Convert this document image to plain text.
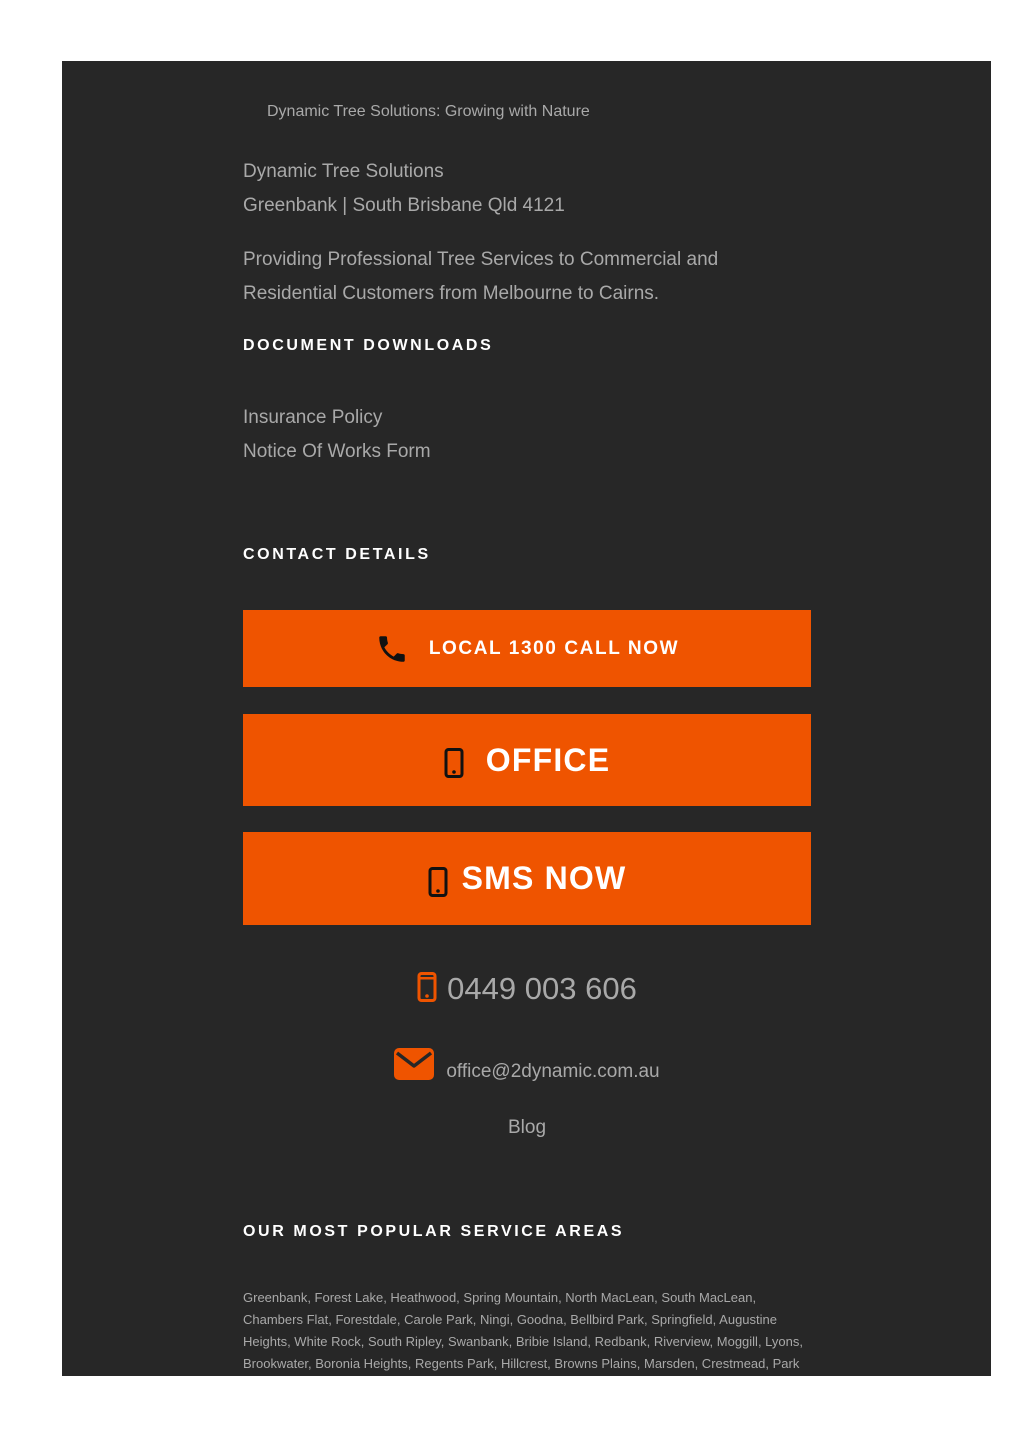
Dynamic Tree Solutions: Growing with Nature
Dynamic Tree Solutions
Greenbank | South Brisbane Qld 4121
Providing Professional Tree Services to Commercial and Residential Customers from Melbourne to Cairns.
DOCUMENT DOWNLOADS
Insurance Policy
Notice Of Works Form
CONTACT DETAILS
LOCAL 1300 CALL NOW
OFFICE
SMS NOW
0449 003 606
office@2dynamic.com.au
Blog
OUR MOST POPULAR SERVICE AREAS
Greenbank, Forest Lake, Heathwood, Spring Mountain, North MacLean, South MacLean, Chambers Flat, Forestdale, Carole Park, Ningi, Goodna, Bellbird Park, Springfield, Augustine Heights, White Rock, South Ripley, Swanbank, Bribie Island, Redbank, Riverview, Moggill, Lyons, Brookwater, Boronia Heights, Regents Park, Hillcrest, Browns Plains, Marsden, Crestmead, Park
